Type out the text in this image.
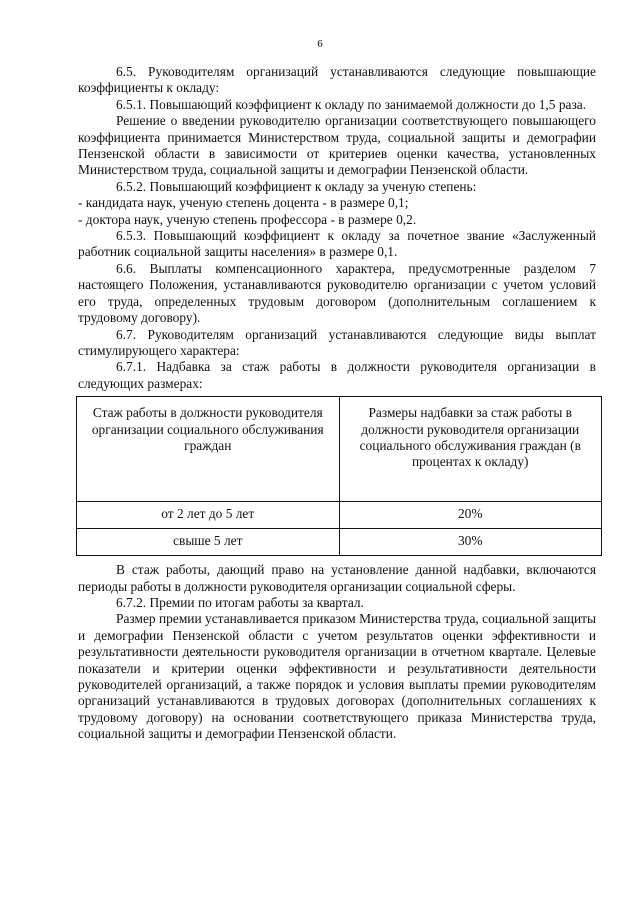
6

6.5. Руководителям организаций устанавливаются следующие повышающие коэффициенты к окладу:

6.5.1. Повышающий коэффициент к окладу по занимаемой должности до 1,5 раза.

Решение о введении руководителю организации соответствующего повышающего коэффициента принимается Министерством труда, социальной защиты и демографии Пензенской области в зависимости от критериев оценки качества, установленных Министерством труда, социальной защиты и демографии Пензенской области.

6.5.2. Повышающий коэффициент к окладу за ученую степень:

- кандидата наук, ученую степень доцента - в размере 0,1;

- доктора наук, ученую степень профессора - в размере 0,2.

6.5.3. Повышающий коэффициент к окладу за почетное звание «Заслуженный работник социальной защиты населения» в размере 0,1.

6.6. Выплаты компенсационного характера, предусмотренные разделом 7 настоящего Положения, устанавливаются руководителю организации с учетом условий его труда, определенных трудовым договором (дополнительным соглашением к трудовому договору).

6.7. Руководителям организаций устанавливаются следующие виды выплат стимулирующего характера:

6.7.1. Надбавка за стаж работы в должности руководителя организации в следующих размерах:

Стаж работы в должности руководителя организации социального обслуживания граждан	Размеры надбавки за стаж работы в должности руководителя организации социального обслуживания граждан (в процентах к окладу)
от 2 лет до 5 лет	20%
свыше 5 лет	30%

В стаж работы, дающий право на установление данной надбавки, включаются периоды работы в должности руководителя организации социальной сферы.

6.7.2. Премии по итогам работы за квартал.

Размер премии устанавливается приказом Министерства труда, социальной защиты и демографии Пензенской области с учетом результатов оценки эффективности и результативности деятельности руководителя организации в отчетном квартале. Целевые показатели и критерии оценки эффективности и результативности деятельности руководителей организаций, а также порядок и условия выплаты премии руководителям организаций устанавливаются в трудовых договорах (дополнительных соглашениях к трудовому договору) на основании соответствующего приказа Министерства труда, социальной защиты и демографии Пензенской области.
